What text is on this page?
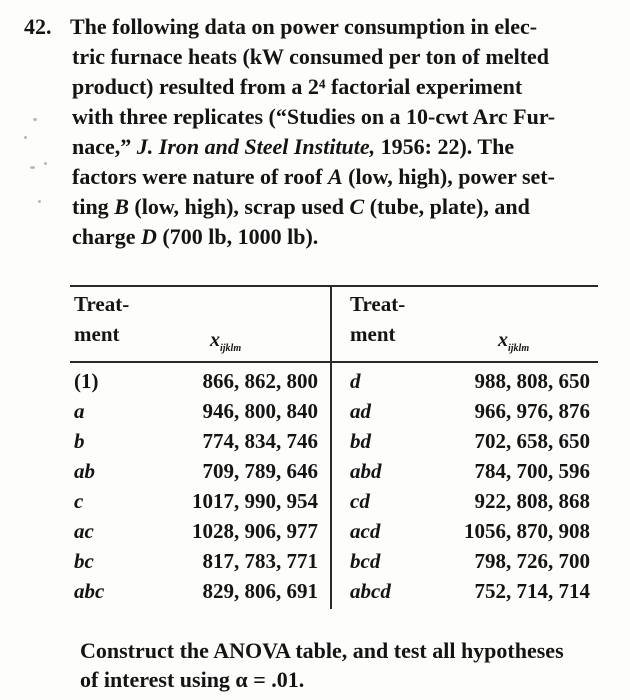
42. The following data on power consumption in elec-
tric furnace heats (kW consumed per ton of melted
product) resulted from a 2⁴ factorial experiment
with three replicates (“Studies on a 10-cwt Arc Fur-
nace,” J. Iron and Steel Institute, 1956: 22). The
factors were nature of roof A (low, high), power set-
ting B (low, high), scrap used C (tube, plate), and
charge D (700 lb, 1000 lb).
Treat-
ment	$x_{ijklm}$
Treat-
ment	$x_{ijklm}$
(1)	866, 862, 800 d	988, 808, 650
a	946, 800, 840 ad	966, 976, 876
b	774, 834, 746 bd	702, 658, 650
ab	709, 789, 646 abd	784, 700, 596
c	1017, 990, 954 cd	922, 808, 868
ac	1028, 906, 977 acd	1056, 870, 908
bc	817, 783, 771 bcd	798, 726, 700
abc	829, 806, 691 abcd	752, 714, 714
Construct the ANOVA table, and test all hypotheses
of interest using α = .01.
